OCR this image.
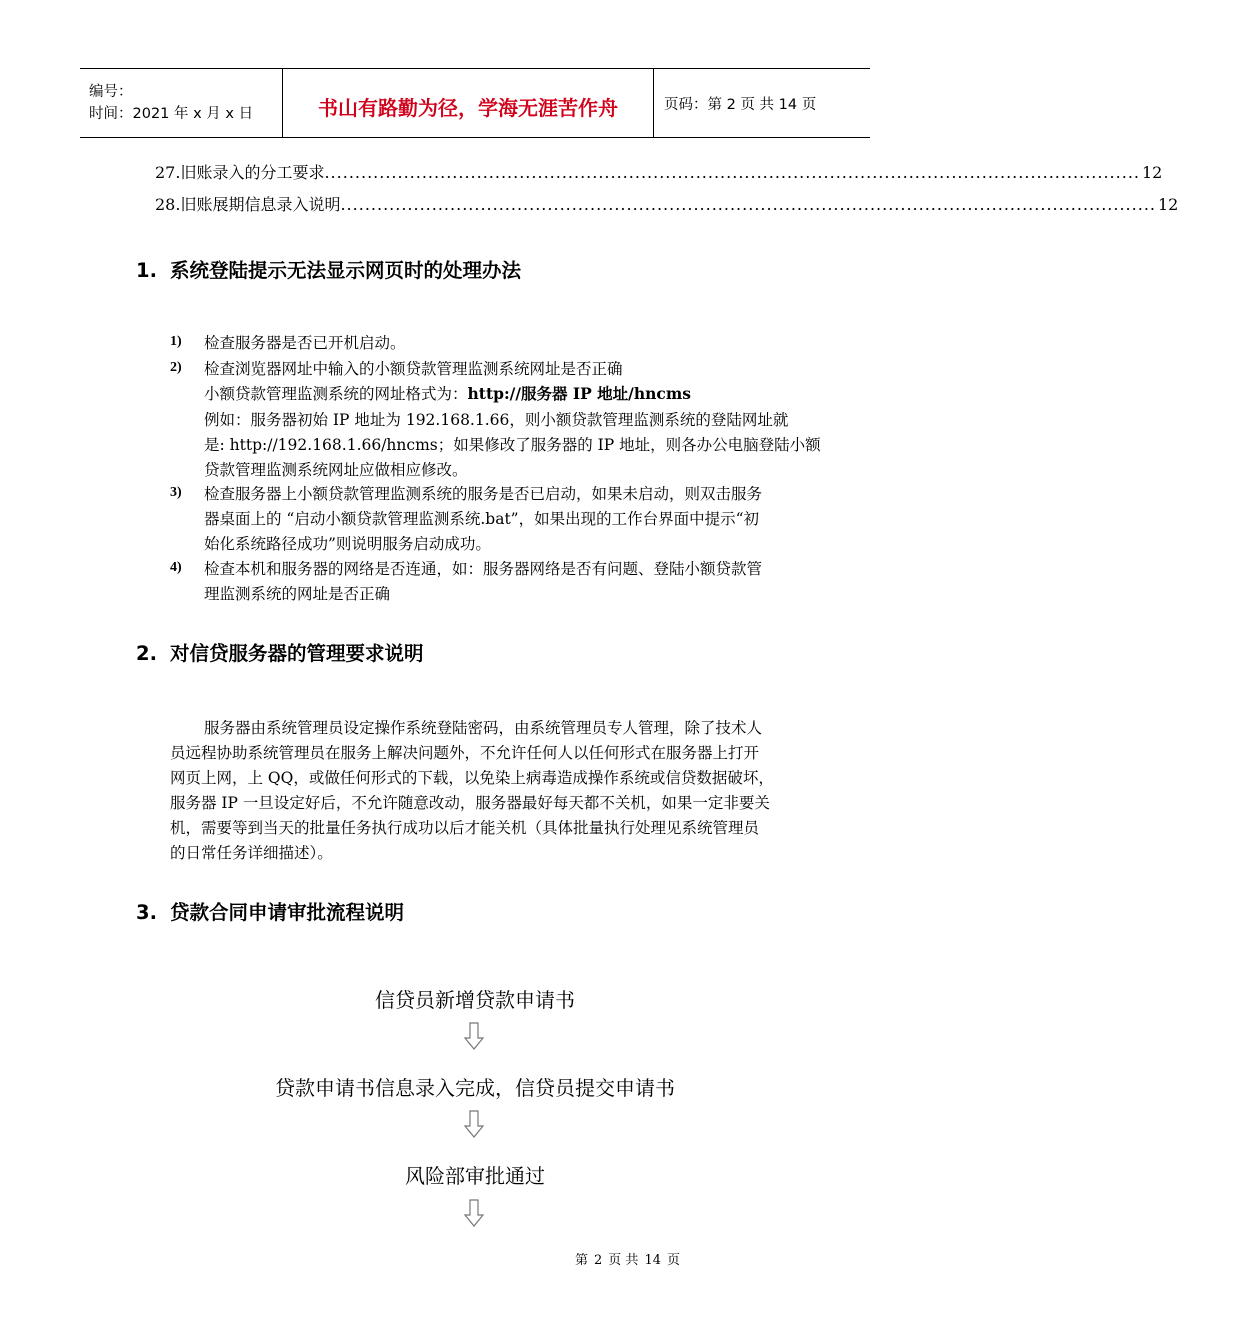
编号：
时间：2021 年 x 月 x 日	书山有路勤为径，学海无涯苦作舟	页码：第 2 页 共 14 页
27. 旧账录入的分工要求 ...................................................................................................................................... 12
28. 旧账展期信息录入说明 ...................................................................................................................................... 12
1. 系统登陆提示无法显示网页时的处理办法
1) 检查服务器是否已开机启动。
2) 检查浏览器网址中输入的小额贷款管理监测系统网址是否正确
小额贷款管理监测系统的网址格式为：http://服务器 IP 地址/hncms
例如：服务器初始 IP 地址为 192.168.1.66，则小额贷款管理监测系统的登陆网址就
是: http://192.168.1.66/hncms；如果修改了服务器的 IP 地址，则各办公电脑登陆小额
贷款管理监测系统网址应做相应修改。
3) 检查服务器上小额贷款管理监测系统的服务是否已启动，如果未启动，则双击服务
器桌面上的 “启动小额贷款管理监测系统.bat”，如果出现的工作台界面中提示“初
始化系统路径成功”则说明服务启动成功。
4) 检查本机和服务器的网络是否连通，如：服务器网络是否有问题、登陆小额贷款管
理监测系统的网址是否正确
2. 对信贷服务器的管理要求说明
服务器由系统管理员设定操作系统登陆密码，由系统管理员专人管理，除了技术人
员远程协助系统管理员在服务上解决问题外，不允许任何人以任何形式在服务器上打开
网页上网，上 QQ，或做任何形式的下载，以免染上病毒造成操作系统或信贷数据破坏，
服务器 IP 一旦设定好后，不允许随意改动，服务器最好每天都不关机，如果一定非要关
机，需要等到当天的批量任务执行成功以后才能关机（具体批量执行处理见系统管理员
的日常任务详细描述）。
3. 贷款合同申请审批流程说明
信贷员新增贷款申请书
贷款申请书信息录入完成，信贷员提交申请书
风险部审批通过
第 2 页 共 14 页
